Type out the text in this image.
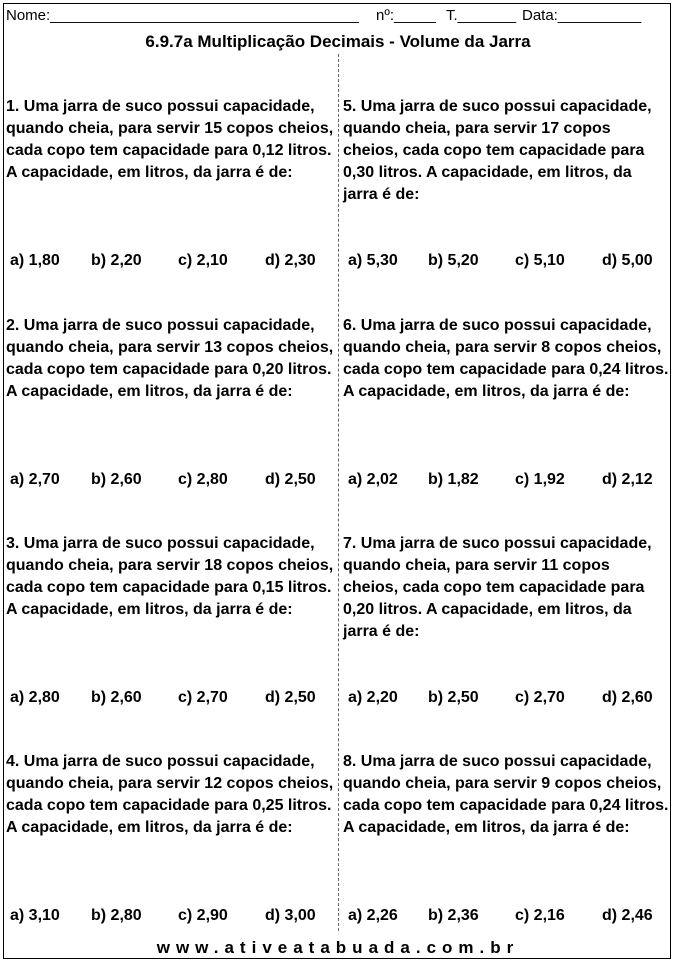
Nome:_____________________________________ nº:_____ T._______ Data:__________
6.9.7a Multiplicação Decimais - Volume da Jarra
1. Uma jarra de suco possui capacidade, quando cheia, para servir 15 copos cheios, cada copo tem capacidade para 0,12 litros. A capacidade, em litros, da jarra é de:
a) 1,80 b) 2,20 c) 2,10 d) 2,30
2. Uma jarra de suco possui capacidade, quando cheia, para servir 13 copos cheios, cada copo tem capacidade para 0,20 litros. A capacidade, em litros, da jarra é de:
a) 2,70 b) 2,60 c) 2,80 d) 2,50
3. Uma jarra de suco possui capacidade, quando cheia, para servir 18 copos cheios, cada copo tem capacidade para 0,15 litros. A capacidade, em litros, da jarra é de:
a) 2,80 b) 2,60 c) 2,70 d) 2,50
4. Uma jarra de suco possui capacidade, quando cheia, para servir 12 copos cheios, cada copo tem capacidade para 0,25 litros. A capacidade, em litros, da jarra é de:
a) 3,10 b) 2,80 c) 2,90 d) 3,00
5. Uma jarra de suco possui capacidade, quando cheia, para servir 17 copos cheios, cada copo tem capacidade para 0,30 litros. A capacidade, em litros, da jarra é de:
a) 5,30 b) 5,20 c) 5,10 d) 5,00
6. Uma jarra de suco possui capacidade, quando cheia, para servir 8 copos cheios, cada copo tem capacidade para 0,24 litros. A capacidade, em litros, da jarra é de:
a) 2,02 b) 1,82 c) 1,92 d) 2,12
7. Uma jarra de suco possui capacidade, quando cheia, para servir 11 copos cheios, cada copo tem capacidade para 0,20 litros. A capacidade, em litros, da jarra é de:
a) 2,20 b) 2,50 c) 2,70 d) 2,60
8. Uma jarra de suco possui capacidade, quando cheia, para servir 9 copos cheios, cada copo tem capacidade para 0,24 litros. A capacidade, em litros, da jarra é de:
a) 2,26 b) 2,36 c) 2,16 d) 2,46
www.ativeatabuada.com.br
